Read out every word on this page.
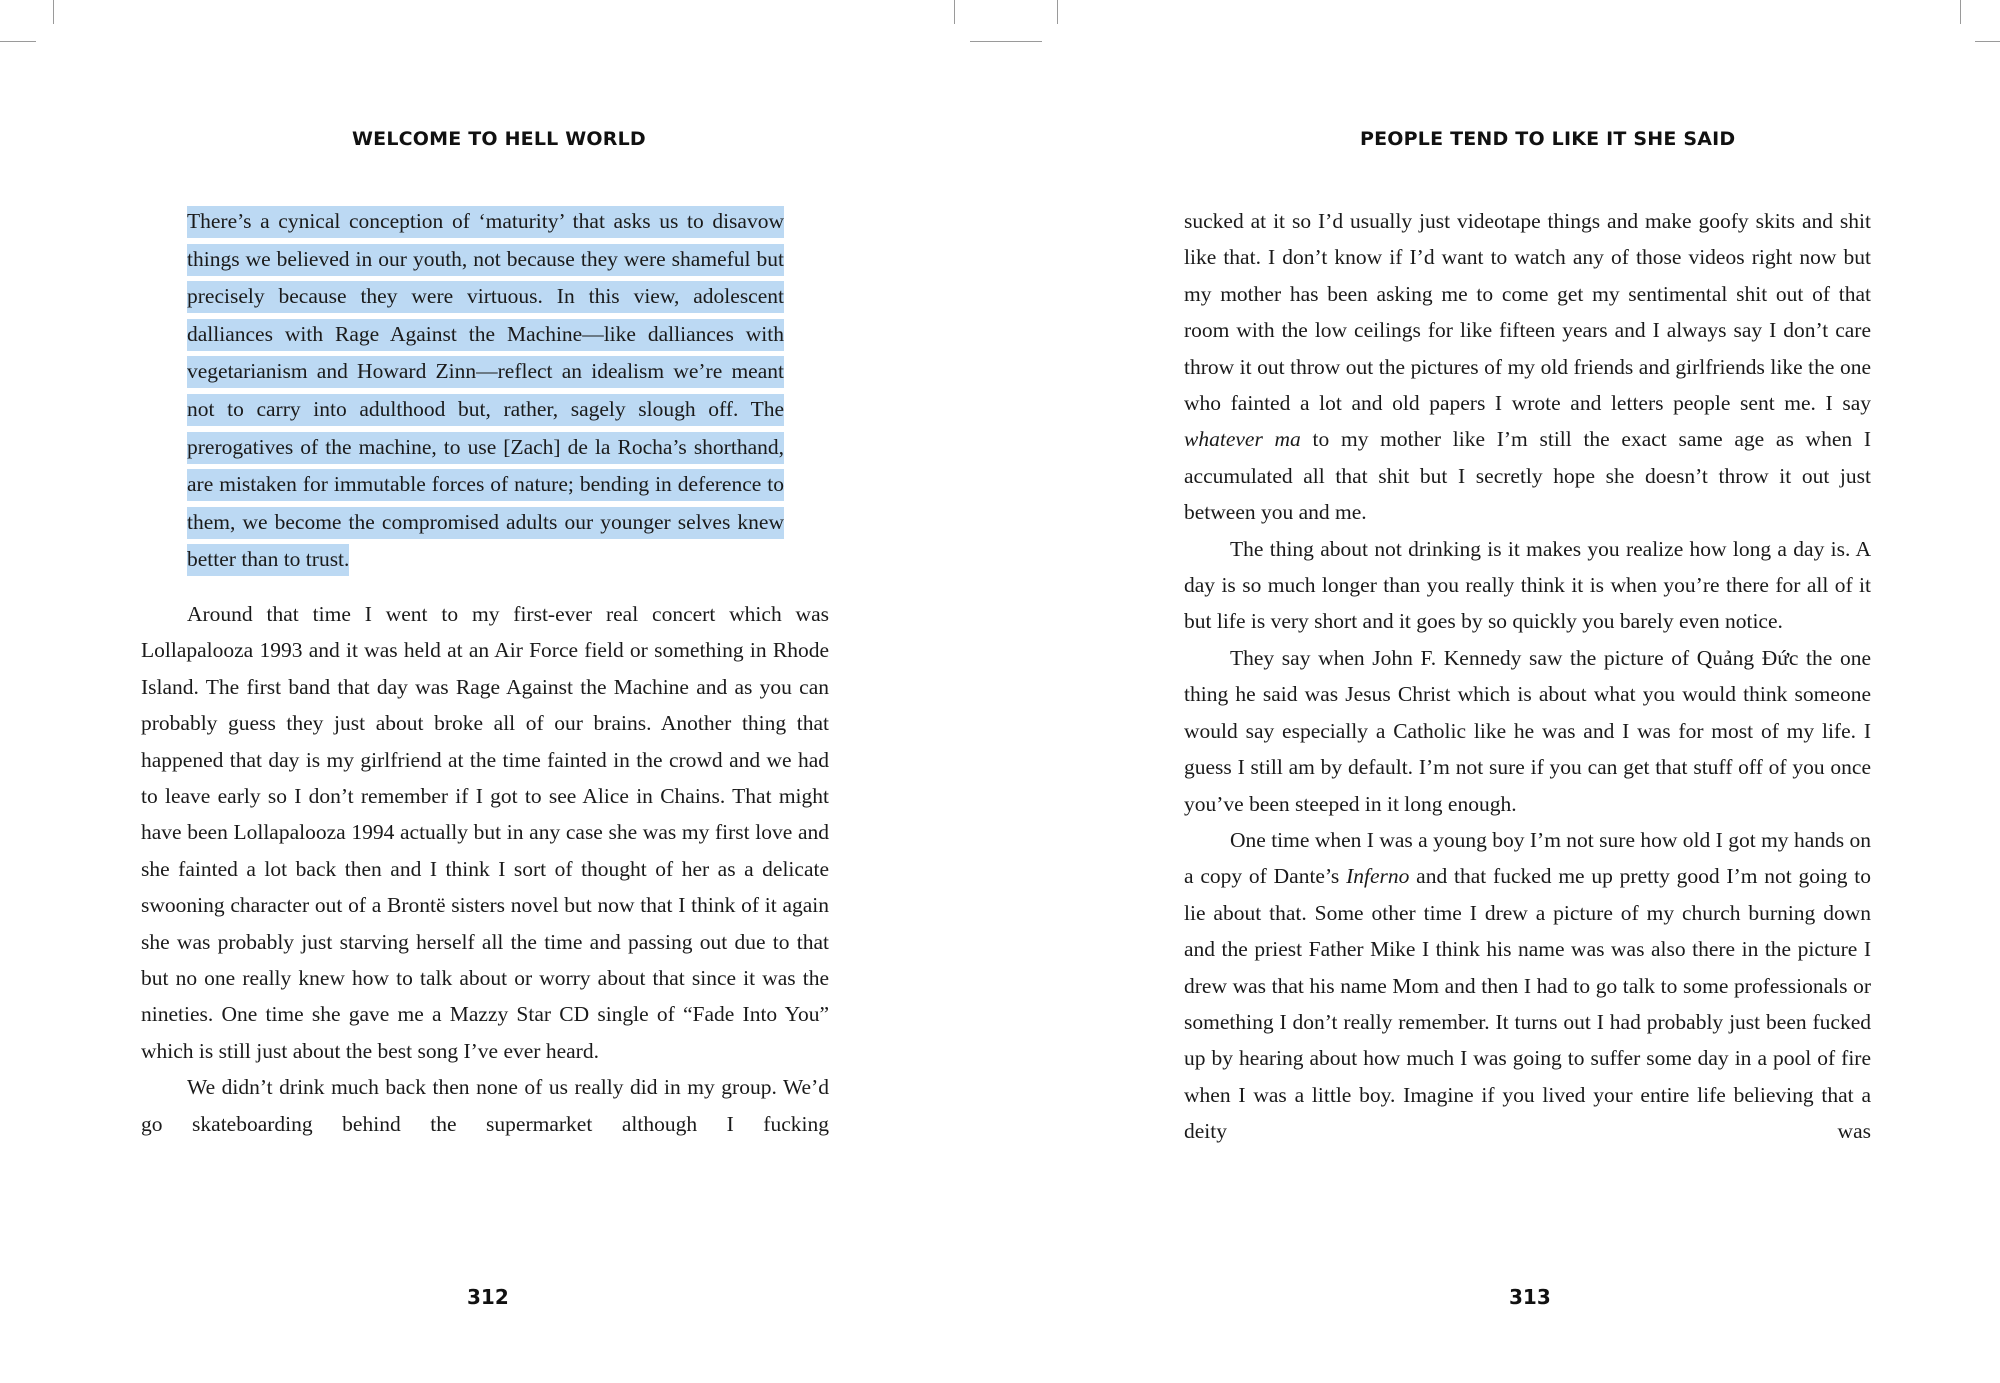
WELCOME TO HELL WORLD

There’s a cynical conception of ‘maturity’ that asks us to disavow things we believed in our youth, not because they were shameful but precisely because they were virtuous. In this view, adolescent dalliances with Rage Against the Machine—like dalliances with vegetarianism and Howard Zinn—reflect an idealism we’re meant not to carry into adulthood but, rather, sagely slough off. The prerogatives of the machine, to use [Zach] de la Rocha’s shorthand, are mistaken for immutable forces of nature; bending in deference to them, we become the compromised adults our younger selves knew better than to trust.

Around that time I went to my first-ever real concert which was Lollapalooza 1993 and it was held at an Air Force field or something in Rhode Island. The first band that day was Rage Against the Machine and as you can probably guess they just about broke all of our brains. Another thing that happened that day is my girlfriend at the time fainted in the crowd and we had to leave early so I don’t remember if I got to see Alice in Chains. That might have been Lollapalooza 1994 actually but in any case she was my first love and she fainted a lot back then and I think I sort of thought of her as a delicate swooning character out of a Brontë sisters novel but now that I think of it again she was probably just starving herself all the time and passing out due to that but no one really knew how to talk about or worry about that since it was the nineties. One time she gave me a Mazzy Star CD single of “Fade Into You” which is still just about the best song I’ve ever heard.

We didn’t drink much back then none of us really did in my group. We’d go skateboarding behind the supermarket although I fucking

312
PEOPLE TEND TO LIKE IT SHE SAID

sucked at it so I’d usually just videotape things and make goofy skits and shit like that. I don’t know if I’d want to watch any of those videos right now but my mother has been asking me to come get my sentimental shit out of that room with the low ceilings for like fifteen years and I always say I don’t care throw it out throw out the pictures of my old friends and girlfriends like the one who fainted a lot and old papers I wrote and letters people sent me. I say whatever ma to my mother like I’m still the exact same age as when I accumulated all that shit but I secretly hope she doesn’t throw it out just between you and me.

The thing about not drinking is it makes you realize how long a day is. A day is so much longer than you really think it is when you’re there for all of it but life is very short and it goes by so quickly you barely even notice.

They say when John F. Kennedy saw the picture of Quảng Đức the one thing he said was Jesus Christ which is about what you would think someone would say especially a Catholic like he was and I was for most of my life. I guess I still am by default. I’m not sure if you can get that stuff off of you once you’ve been steeped in it long enough.

One time when I was a young boy I’m not sure how old I got my hands on a copy of Dante’s Inferno and that fucked me up pretty good I’m not going to lie about that. Some other time I drew a picture of my church burning down and the priest Father Mike I think his name was was also there in the picture I drew was that his name Mom and then I had to go talk to some professionals or something I don’t really remember. It turns out I had probably just been fucked up by hearing about how much I was going to suffer some day in a pool of fire when I was a little boy. Imagine if you lived your entire life believing that a deity was

313
